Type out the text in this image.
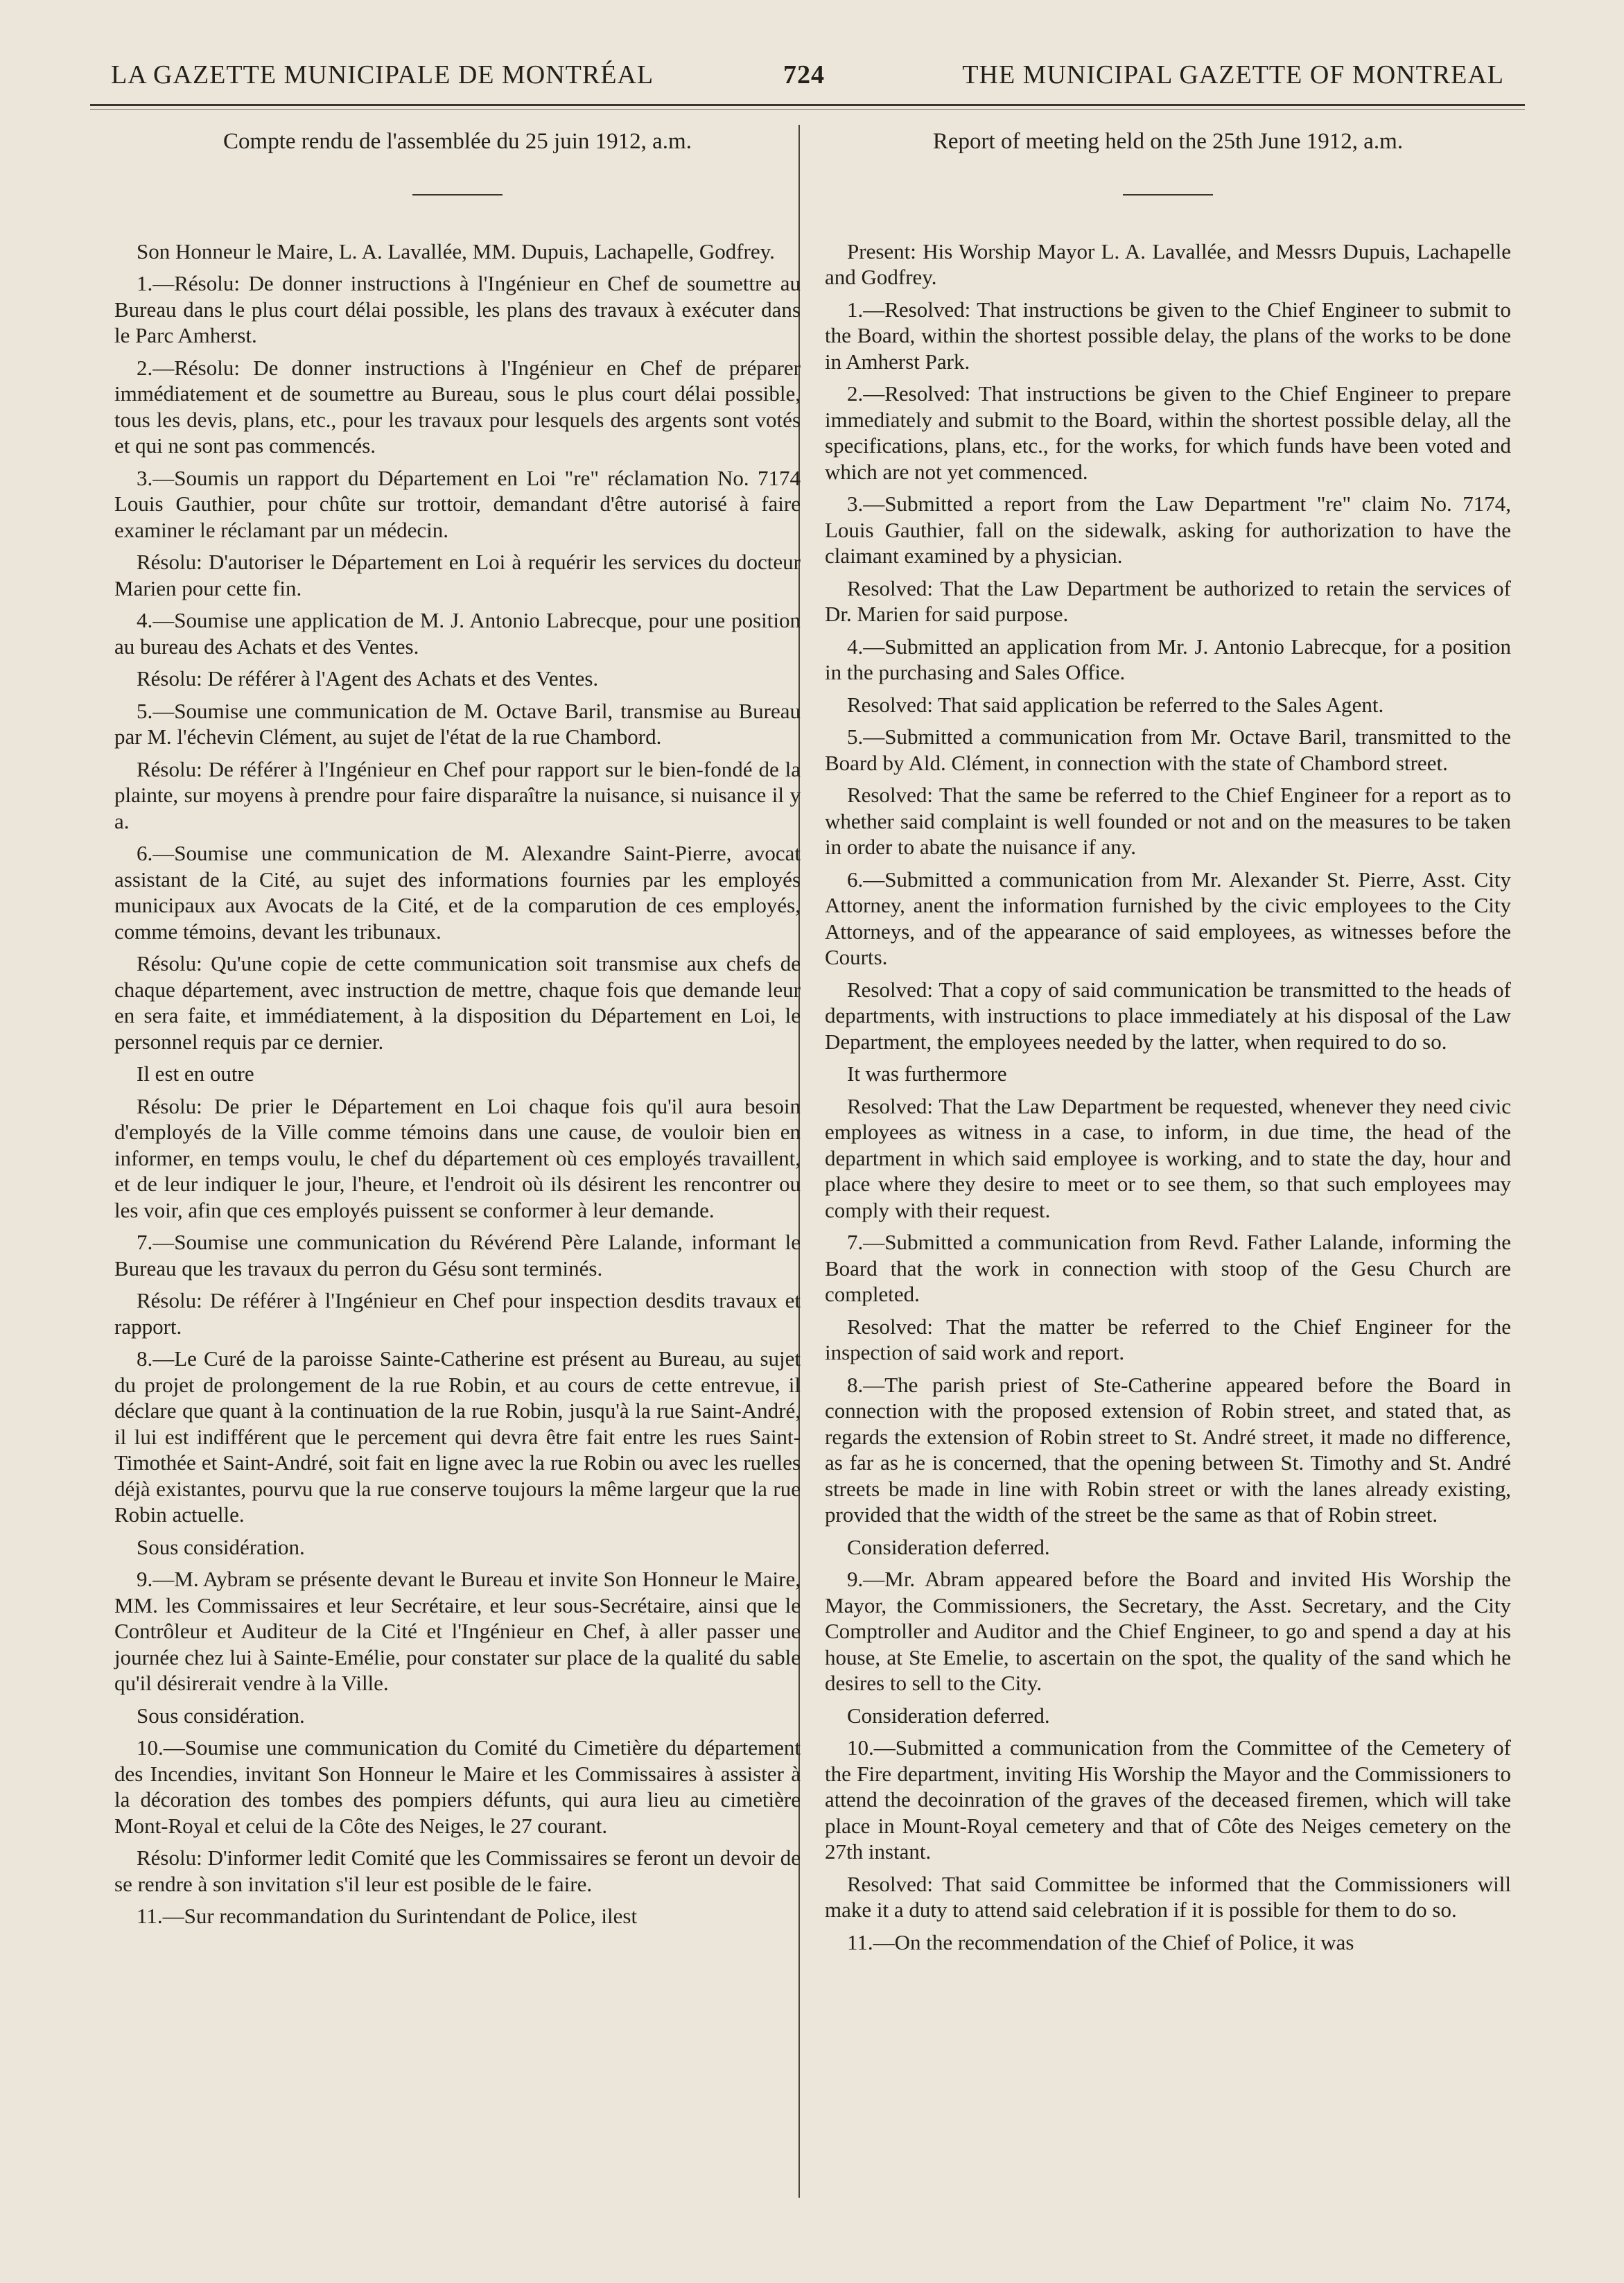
LA GAZETTE MUNICIPALE DE MONTRÉAL	724	THE MUNICIPAL GAZETTE OF MONTREAL
Compte rendu de l'assemblée du 25 juin 1912, a.m.

Son Honneur le Maire, L. A. Lavallée, MM. Dupuis, Lachapelle, Godfrey.

1.—Résolu: De donner instructions à l'Ingénieur en Chef de soumettre au Bureau dans le plus court délai possible, les plans des travaux à exécuter dans le Parc Amherst.

2.—Résolu: De donner instructions à l'Ingénieur en Chef de préparer immédiatement et de soumettre au Bureau, sous le plus court délai possible, tous les devis, plans, etc., pour les travaux pour lesquels des argents sont votés et qui ne sont pas commencés.

3.—Soumis un rapport du Département en Loi "re" réclamation No. 7174 Louis Gauthier, pour chûte sur trottoir, demandant d'être autorisé à faire examiner le réclamant par un médecin.

Résolu: D'autoriser le Département en Loi à requérir les services du docteur Marien pour cette fin.

4.—Soumise une application de M. J. Antonio Labrecque, pour une position au bureau des Achats et des Ventes.

Résolu: De référer à l'Agent des Achats et des Ventes.

5.—Soumise une communication de M. Octave Baril, transmise au Bureau par M. l'échevin Clément, au sujet de l'état de la rue Chambord.

Résolu: De référer à l'Ingénieur en Chef pour rapport sur le bien-fondé de la plainte, sur moyens à prendre pour faire disparaître la nuisance, si nuisance il y a.

6.—Soumise une communication de M. Alexandre Saint-Pierre, avocat assistant de la Cité, au sujet des informations fournies par les employés municipaux aux Avocats de la Cité, et de la comparution de ces employés, comme témoins, devant les tribunaux.

Résolu: Qu'une copie de cette communication soit transmise aux chefs de chaque département, avec instruction de mettre, chaque fois que demande leur en sera faite, et immédiatement, à la disposition du Département en Loi, le personnel requis par ce dernier.

Il est en outre

Résolu: De prier le Département en Loi chaque fois qu'il aura besoin d'employés de la Ville comme témoins dans une cause, de vouloir bien en informer, en temps voulu, le chef du département où ces employés travaillent, et de leur indiquer le jour, l'heure, et l'endroit où ils désirent les rencontrer ou les voir, afin que ces employés puissent se conformer à leur demande.

7.—Soumise une communication du Révérend Père Lalande, informant le Bureau que les travaux du perron du Gésu sont terminés.

Résolu: De référer à l'Ingénieur en Chef pour inspection desdits travaux et rapport.

8.—Le Curé de la paroisse Sainte-Catherine est présent au Bureau, au sujet du projet de prolongement de la rue Robin, et au cours de cette entrevue, il déclare que quant à la continuation de la rue Robin, jusqu'à la rue Saint-André, il lui est indifférent que le percement qui devra être fait entre les rues Saint-Timothée et Saint-André, soit fait en ligne avec la rue Robin ou avec les ruelles déjà existantes, pourvu que la rue conserve toujours la même largeur que la rue Robin actuelle.

Sous considération.

9.—M. Aybram se présente devant le Bureau et invite Son Honneur le Maire, MM. les Commissaires et leur Secrétaire, et leur sous-Secrétaire, ainsi que le Contrôleur et Auditeur de la Cité et l'Ingénieur en Chef, à aller passer une journée chez lui à Sainte-Emélie, pour constater sur place de la qualité du sable qu'il désirerait vendre à la Ville.

Sous considération.

10.—Soumise une communication du Comité du Cimetière du département des Incendies, invitant Son Honneur le Maire et les Commissaires à assister à la décoration des tombes des pompiers défunts, qui aura lieu au cimetière Mont-Royal et celui de la Côte des Neiges, le 27 courant.

Résolu: D'informer ledit Comité que les Commissaires se feront un devoir de se rendre à son invitation s'il leur est posible de le faire.

11.—Sur recommandation du Surintendant de Police, ilest

Report of meeting held on the 25th June 1912, a.m.

Present: His Worship Mayor L. A. Lavallée, and Messrs Dupuis, Lachapelle and Godfrey.

1.—Resolved: That instructions be given to the Chief Engineer to submit to the Board, within the shortest possible delay, the plans of the works to be done in Amherst Park.

2.—Resolved: That instructions be given to the Chief Engineer to prepare immediately and submit to the Board, within the shortest possible delay, all the specifications, plans, etc., for the works, for which funds have been voted and which are not yet commenced.

3.—Submitted a report from the Law Department "re" claim No. 7174, Louis Gauthier, fall on the sidewalk, asking for authorization to have the claimant examined by a physician.

Resolved: That the Law Department be authorized to retain the services of Dr. Marien for said purpose.

4.—Submitted an application from Mr. J. Antonio Labrecque, for a position in the purchasing and Sales Office.

Resolved: That said application be referred to the Sales Agent.

5.—Submitted a communication from Mr. Octave Baril, transmitted to the Board by Ald. Clément, in connection with the state of Chambord street.

Resolved: That the same be referred to the Chief Engineer for a report as to whether said complaint is well founded or not and on the measures to be taken in order to abate the nuisance if any.

6.—Submitted a communication from Mr. Alexander St. Pierre, Asst. City Attorney, anent the information furnished by the civic employees to the City Attorneys, and of the appearance of said employees, as witnesses before the Courts.

Resolved: That a copy of said communication be transmitted to the heads of departments, with instructions to place immediately at his disposal of the Law Department, the employees needed by the latter, when required to do so.

It was furthermore

Resolved: That the Law Department be requested, whenever they need civic employees as witness in a case, to inform, in due time, the head of the department in which said employee is working, and to state the day, hour and place where they desire to meet or to see them, so that such employees may comply with their request.

7.—Submitted a communication from Revd. Father Lalande, informing the Board that the work in connection with stoop of the Gesu Church are completed.

Resolved: That the matter be referred to the Chief Engineer for the inspection of said work and report.

8.—The parish priest of Ste-Catherine appeared before the Board in connection with the proposed extension of Robin street, and stated that, as regards the extension of Robin street to St. André street, it made no difference, as far as he is concerned, that the opening between St. Timothy and St. André streets be made in line with Robin street or with the lanes already existing, provided that the width of the street be the same as that of Robin street.

Consideration deferred.

9.—Mr. Abram appeared before the Board and invited His Worship the Mayor, the Commissioners, the Secretary, the Asst. Secretary, and the City Comptroller and Auditor and the Chief Engineer, to go and spend a day at his house, at Ste Emelie, to ascertain on the spot, the quality of the sand which he desires to sell to the City.

Consideration deferred.

10.—Submitted a communication from the Committee of the Cemetery of the Fire department, inviting His Worship the Mayor and the Commissioners to attend the decoinration of the graves of the deceased firemen, which will take place in Mount-Royal cemetery and that of Côte des Neiges cemetery on the 27th instant.

Resolved: That said Committee be informed that the Commissioners will make it a duty to attend said celebration if it is possible for them to do so.

11.—On the recommendation of the Chief of Police, it was
